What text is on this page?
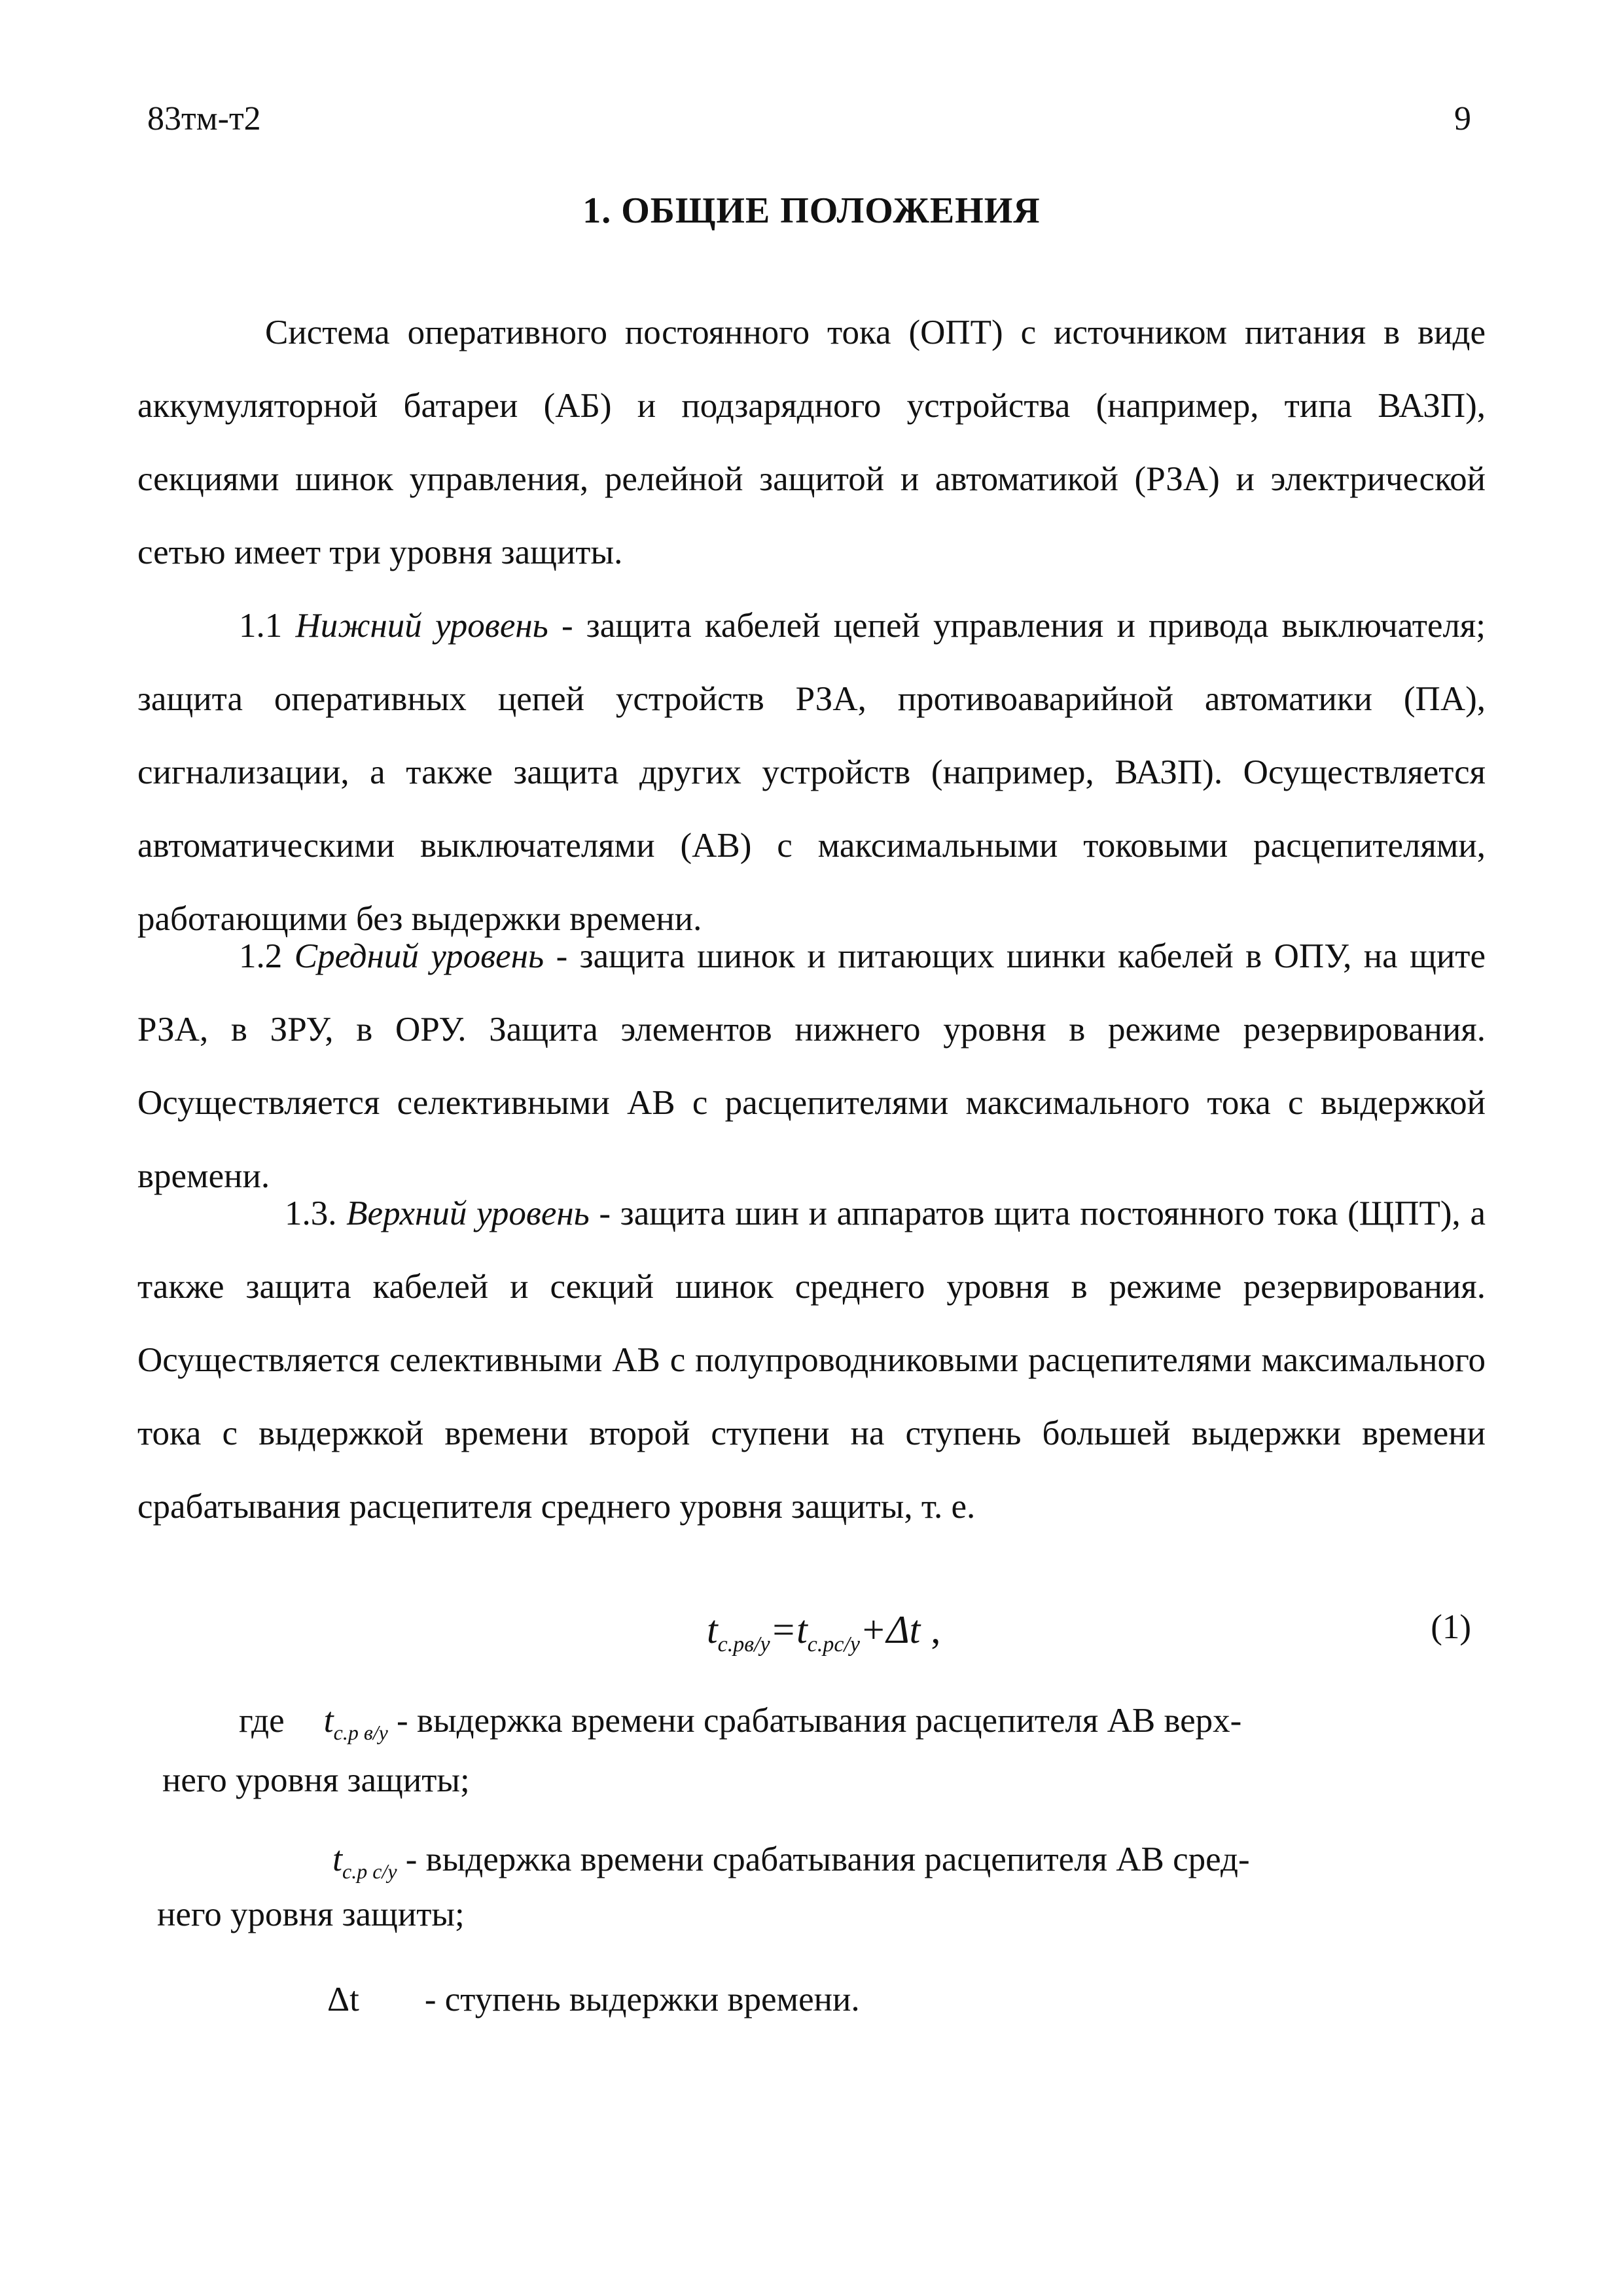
83тм-т2	9
1. ОБЩИЕ ПОЛОЖЕНИЯ

Система оперативного постоянного тока (ОПТ) с источником питания в виде аккумуляторной батареи (АБ) и подзарядного устройства (например, типа ВАЗП), секциями шинок управления, релейной защитой и автоматикой (РЗА) и электрической сетью имеет три уровня защиты.

1.1 Нижний уровень - защита кабелей цепей управления и привода выключателя; защита оперативных цепей устройств РЗА, противоаварийной автоматики (ПА), сигнализации, а также защита других устройств (например, ВАЗП). Осуществляется автоматическими выключателями (АВ) с максимальными токовыми расцепителями, работающими без выдержки времени.

1.2 Средний уровень - защита шинок и питающих шинки кабелей в ОПУ, на щите РЗА, в ЗРУ, в ОРУ. Защита элементов нижнего уровня в режиме резервирования. Осуществляется селективными АВ с расцепителями максимального тока с выдержкой времени.

1.3. Верхний уровень - защита шин и аппаратов щита постоянного тока (ЩПТ), а также защита кабелей и секций шинок среднего уровня в режиме резервирования. Осуществляется селективными АВ с полупроводниковыми расцепителями максимального тока с выдержкой времени второй ступени на ступень большей выдержки времени срабатывания расцепителя среднего уровня защиты, т. е.

$t_{c.pв/y}=t_{c.pc/y}+\Delta t$ ,	(1)

где $t_{c.p в/у}$ - выдержка времени срабатывания расцепителя АВ верх-

него уровня защиты;

$t_{c.p с/у}$ - выдержка времени срабатывания расцепителя АВ сред-

него уровня защиты;

Δt - ступень выдержки времени.
